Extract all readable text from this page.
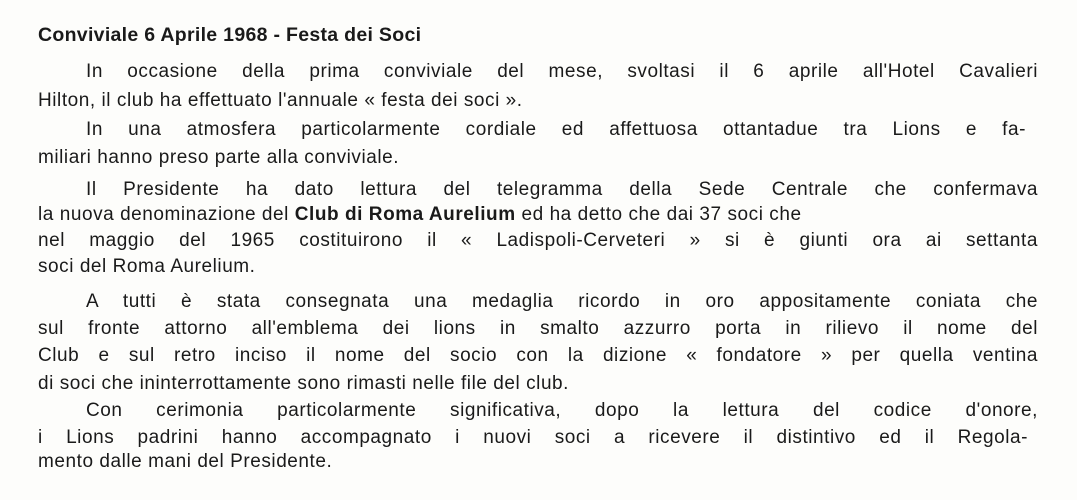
Conviviale 6 Aprile 1968 - Festa dei Soci
In occasione della prima conviviale del mese, svoltasi il 6 aprile all'Hotel Cavalieri
Hilton, il club ha effettuato l'annuale « festa dei soci ».
In una atmosfera particolarmente cordiale ed affettuosa ottantadue tra Lions e fa-
miliari hanno preso parte alla conviviale.
Il Presidente ha dato lettura del telegramma della Sede Centrale che confermava
la nuova denominazione del Club di Roma Aurelium ed ha detto che dai 37 soci che
nel maggio del 1965 costituirono il « Ladispoli-Cerveteri » si è giunti ora ai settanta
soci del Roma Aurelium.
A tutti è stata consegnata una medaglia ricordo in oro appositamente coniata che
sul fronte attorno all'emblema dei lions in smalto azzurro porta in rilievo il nome del
Club e sul retro inciso il nome del socio con la dizione « fondatore » per quella ventina
di soci che ininterrottamente sono rimasti nelle file del club.
Con cerimonia particolarmente significativa, dopo la lettura del codice d'onore,
i Lions padrini hanno accompagnato i nuovi soci a ricevere il distintivo ed il Regola-
mento dalle mani del Presidente.
